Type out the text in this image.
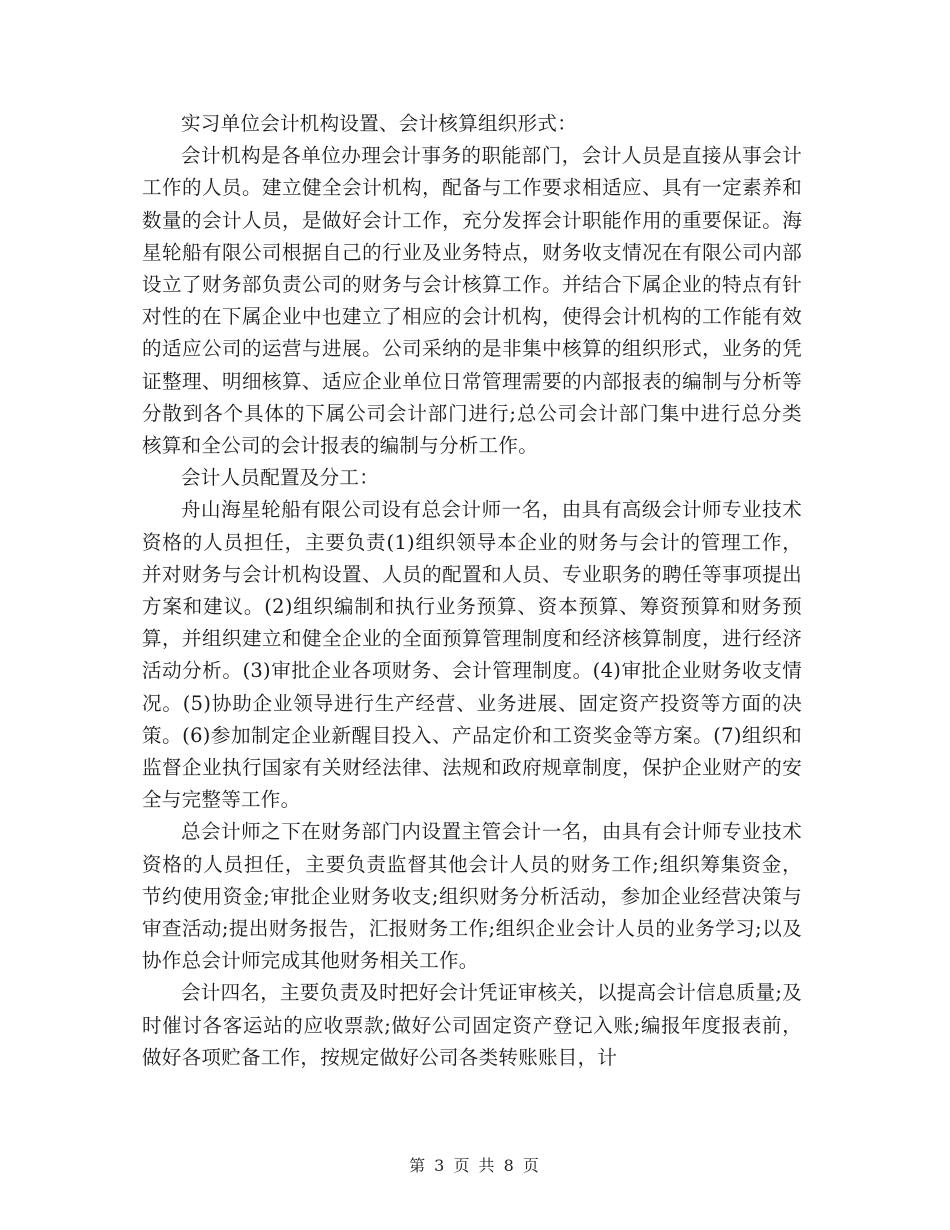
实习单位会计机构设置、会计核算组织形式：

会计机构是各单位办理会计事务的职能部门，会计人员是直接从事会计工作的人员。建立健全会计机构，配备与工作要求相适应、具有一定素养和数量的会计人员，是做好会计工作，充分发挥会计职能作用的重要保证。海星轮船有限公司根据自己的行业及业务特点，财务收支情况在有限公司内部设立了财务部负责公司的财务与会计核算工作。并结合下属企业的特点有针对性的在下属企业中也建立了相应的会计机构，使得会计机构的工作能有效的适应公司的运营与进展。公司采纳的是非集中核算的组织形式，业务的凭证整理、明细核算、适应企业单位日常管理需要的内部报表的编制与分析等分散到各个具体的下属公司会计部门进行;总公司会计部门集中进行总分类核算和全公司的会计报表的编制与分析工作。

会计人员配置及分工：

舟山海星轮船有限公司设有总会计师一名，由具有高级会计师专业技术资格的人员担任，主要负责(1)组织领导本企业的财务与会计的管理工作，并对财务与会计机构设置、人员的配置和人员、专业职务的聘任等事项提出方案和建议。(2)组织编制和执行业务预算、资本预算、筹资预算和财务预算，并组织建立和健全企业的全面预算管理制度和经济核算制度，进行经济活动分析。(3)审批企业各项财务、会计管理制度。(4)审批企业财务收支情况。(5)协助企业领导进行生产经营、业务进展、固定资产投资等方面的决策。(6)参加制定企业新醒目投入、产品定价和工资奖金等方案。(7)组织和监督企业执行国家有关财经法律、法规和政府规章制度，保护企业财产的安全与完整等工作。

总会计师之下在财务部门内设置主管会计一名，由具有会计师专业技术资格的人员担任，主要负责监督其他会计人员的财务工作;组织筹集资金，节约使用资金;审批企业财务收支;组织财务分析活动，参加企业经营决策与审查活动;提出财务报告，汇报财务工作;组织企业会计人员的业务学习;以及协作总会计师完成其他财务相关工作。

会计四名，主要负责及时把好会计凭证审核关，以提高会计信息质量;及时催讨各客运站的应收票款;做好公司固定资产登记入账;编报年度报表前，做好各项贮备工作，按规定做好公司各类转账账目，计

第 3 页 共 8 页
